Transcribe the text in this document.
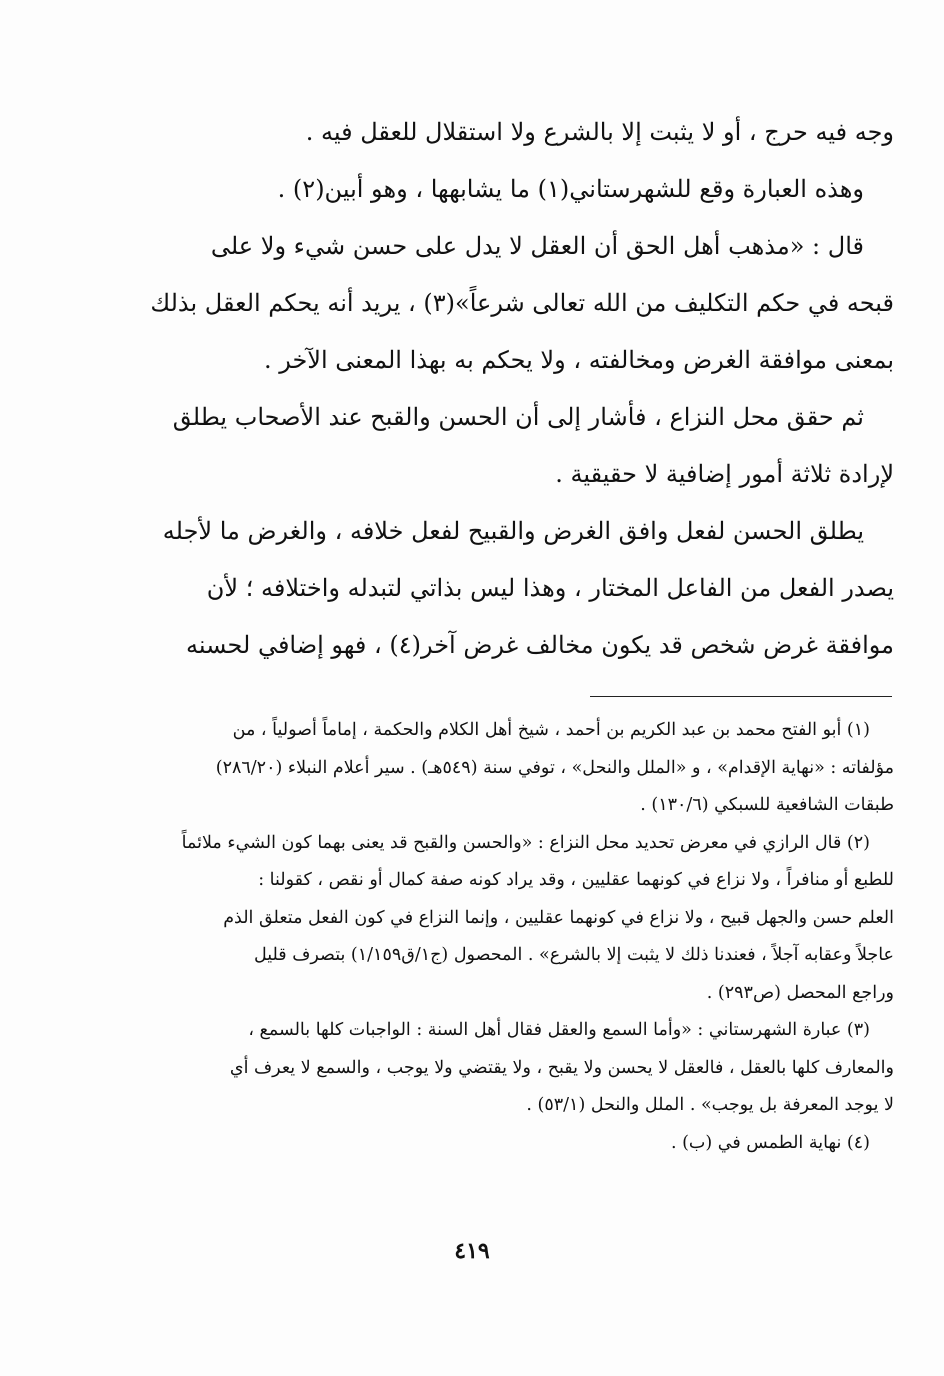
وجه فيه حرج ، أو لا يثبت إلا بالشرع ولا استقلال للعقل فيه .
وهذه العبارة وقع للشهرستاني(١) ما يشابهها ، وهو أبين(٢) .
قال : «مذهب أهل الحق أن العقل لا يدل على حسن شيء ولا على
قبحه في حكم التكليف من الله تعالى شرعاً»(٣) ، يريد أنه يحكم العقل بذلك
بمعنى موافقة الغرض ومخالفته ، ولا يحكم به بهذا المعنى الآخر .
ثم حقق محل النزاع ، فأشار إلى أن الحسن والقبح عند الأصحاب يطلق
لإرادة ثلاثة أمور إضافية لا حقيقية .
يطلق الحسن لفعل وافق الغرض والقبيح لفعل خلافه ، والغرض ما لأجله
يصدر الفعل من الفاعل المختار ، وهذا ليس بذاتي لتبدله واختلافه ؛ لأن
موافقة غرض شخص قد يكون مخالف غرض آخر(٤) ، فهو إضافي لحسنه
(١) أبو الفتح محمد بن عبد الكريم بن أحمد ، شيخ أهل الكلام والحكمة ، إماماً أصولياً ، من
مؤلفاته : «نهاية الإقدام» ، و «الملل والنحل» ، توفي سنة (٥٤٩هـ) . سير أعلام النبلاء (٢٨٦/٢٠)
طبقات الشافعية للسبكي (١٣٠/٦) .
(٢) قال الرازي في معرض تحديد محل النزاع : «والحسن والقبح قد يعنى بهما كون الشيء ملائماً
للطبع أو منافراً ، ولا نزاع في كونهما عقليين ، وقد يراد كونه صفة كمال أو نقص ، كقولنا :
العلم حسن والجهل قبيح ، ولا نزاع في كونهما عقليين ، وإنما النزاع في كون الفعل متعلق الذم
عاجلاً وعقابه آجلاً ، فعندنا ذلك لا يثبت إلا بالشرع» . المحصول (ج١/ق١/١٥٩) بتصرف قليل
وراجع المحصل (ص٢٩٣) .
(٣) عبارة الشهرستاني : «وأما السمع والعقل فقال أهل السنة : الواجبات كلها بالسمع ،
والمعارف كلها بالعقل ، فالعقل لا يحسن ولا يقبح ، ولا يقتضي ولا يوجب ، والسمع لا يعرف أي
لا يوجد المعرفة بل يوجب» . الملل والنحل (٥٣/١) .
(٤) نهاية الطمس في (ب) .
٤١٩
